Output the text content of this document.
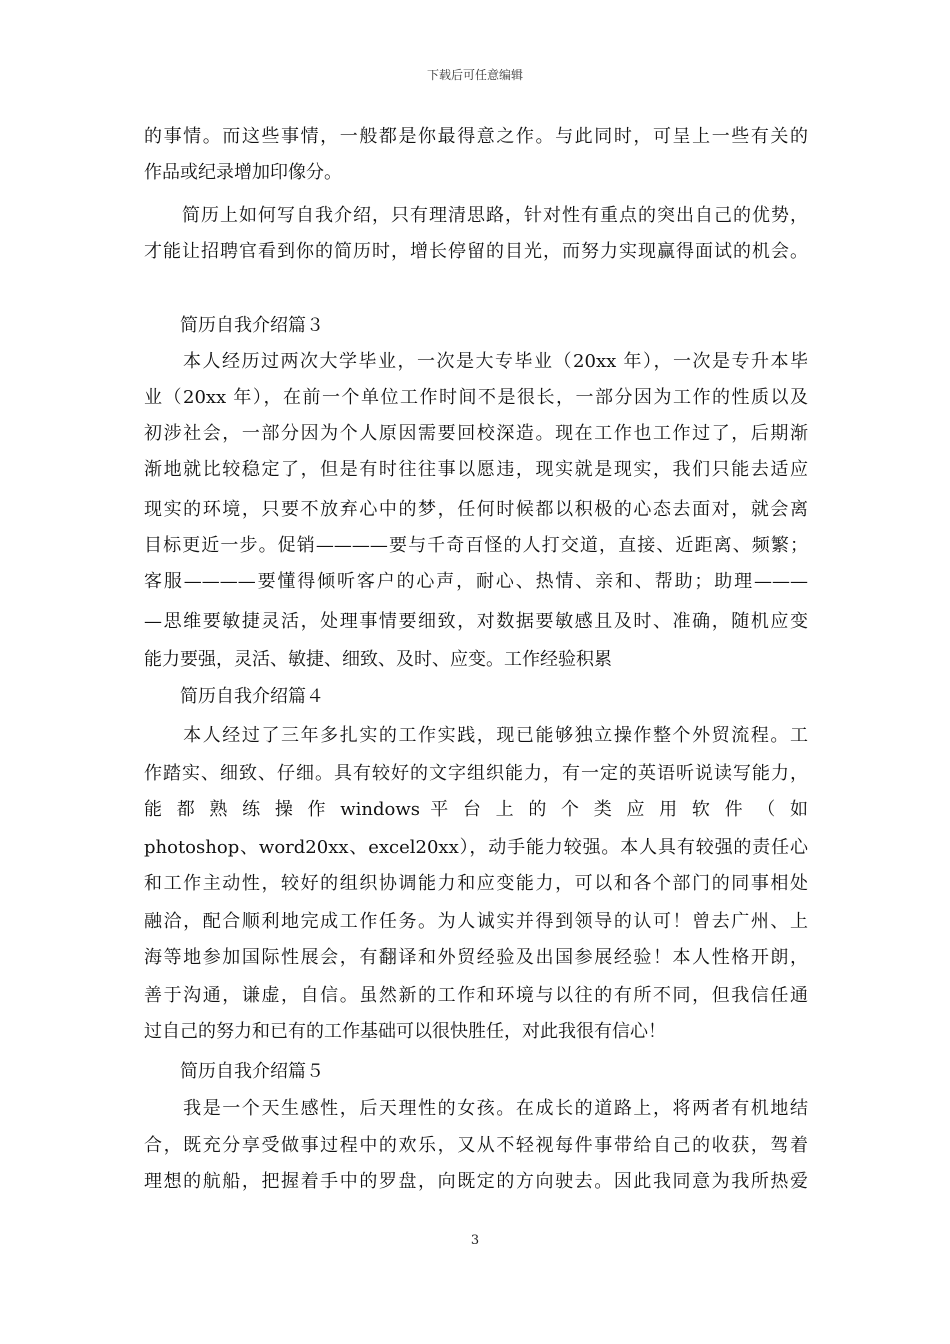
下载后可任意编辑
的事情。而这些事情，一般都是你最得意之作。与此同时，可呈上一些有关的
作品或纪录增加印像分。
　　简历上如何写自我介绍，只有理清思路，针对性有重点的突出自己的优势，
才能让招聘官看到你的简历时，增长停留的目光，而努力实现赢得面试的机会。
　　简历自我介绍篇３
　　本人经历过两次大学毕业，一次是大专毕业（20xx 年），一次是专升本毕
业（20xx 年），在前一个单位工作时间不是很长，一部分因为工作的性质以及
初涉社会，一部分因为个人原因需要回校深造。现在工作也工作过了，后期渐
渐地就比较稳定了，但是有时往往事以愿违，现实就是现实，我们只能去适应
现实的环境，只要不放弃心中的梦，任何时候都以积极的心态去面对，就会离
目标更近一步。促销————要与千奇百怪的人打交道，直接、近距离、频繁；
客服————要懂得倾听客户的心声，耐心、热情、亲和、帮助；助理———
—思维要敏捷灵活，处理事情要细致，对数据要敏感且及时、准确，随机应变
能力要强，灵活、敏捷、细致、及时、应变。工作经验积累
　　简历自我介绍篇４
　　本人经过了三年多扎实的工作实践，现已能够独立操作整个外贸流程。工
作踏实、细致、仔细。具有较好的文字组织能力，有一定的英语听说读写能力，
能 都 熟 练 操 作 windows 平 台 上 的 个 类 应 用 软 件 （ 如
photoshop、word20xx、excel20xx），动手能力较强。本人具有较强的责任心
和工作主动性，较好的组织协调能力和应变能力，可以和各个部门的同事相处
融洽，配合顺利地完成工作任务。为人诚实并得到领导的认可！曾去广州、上
海等地参加国际性展会，有翻译和外贸经验及出国参展经验！本人性格开朗，
善于沟通，谦虚，自信。虽然新的工作和环境与以往的有所不同，但我信任通
过自己的努力和已有的工作基础可以很快胜任，对此我很有信心！
　　简历自我介绍篇５
　　我是一个天生感性，后天理性的女孩。在成长的道路上，将两者有机地结
合，既充分享受做事过程中的欢乐，又从不轻视每件事带给自己的收获，驾着
理想的航船，把握着手中的罗盘，向既定的方向驶去。因此我同意为我所热爱
3
